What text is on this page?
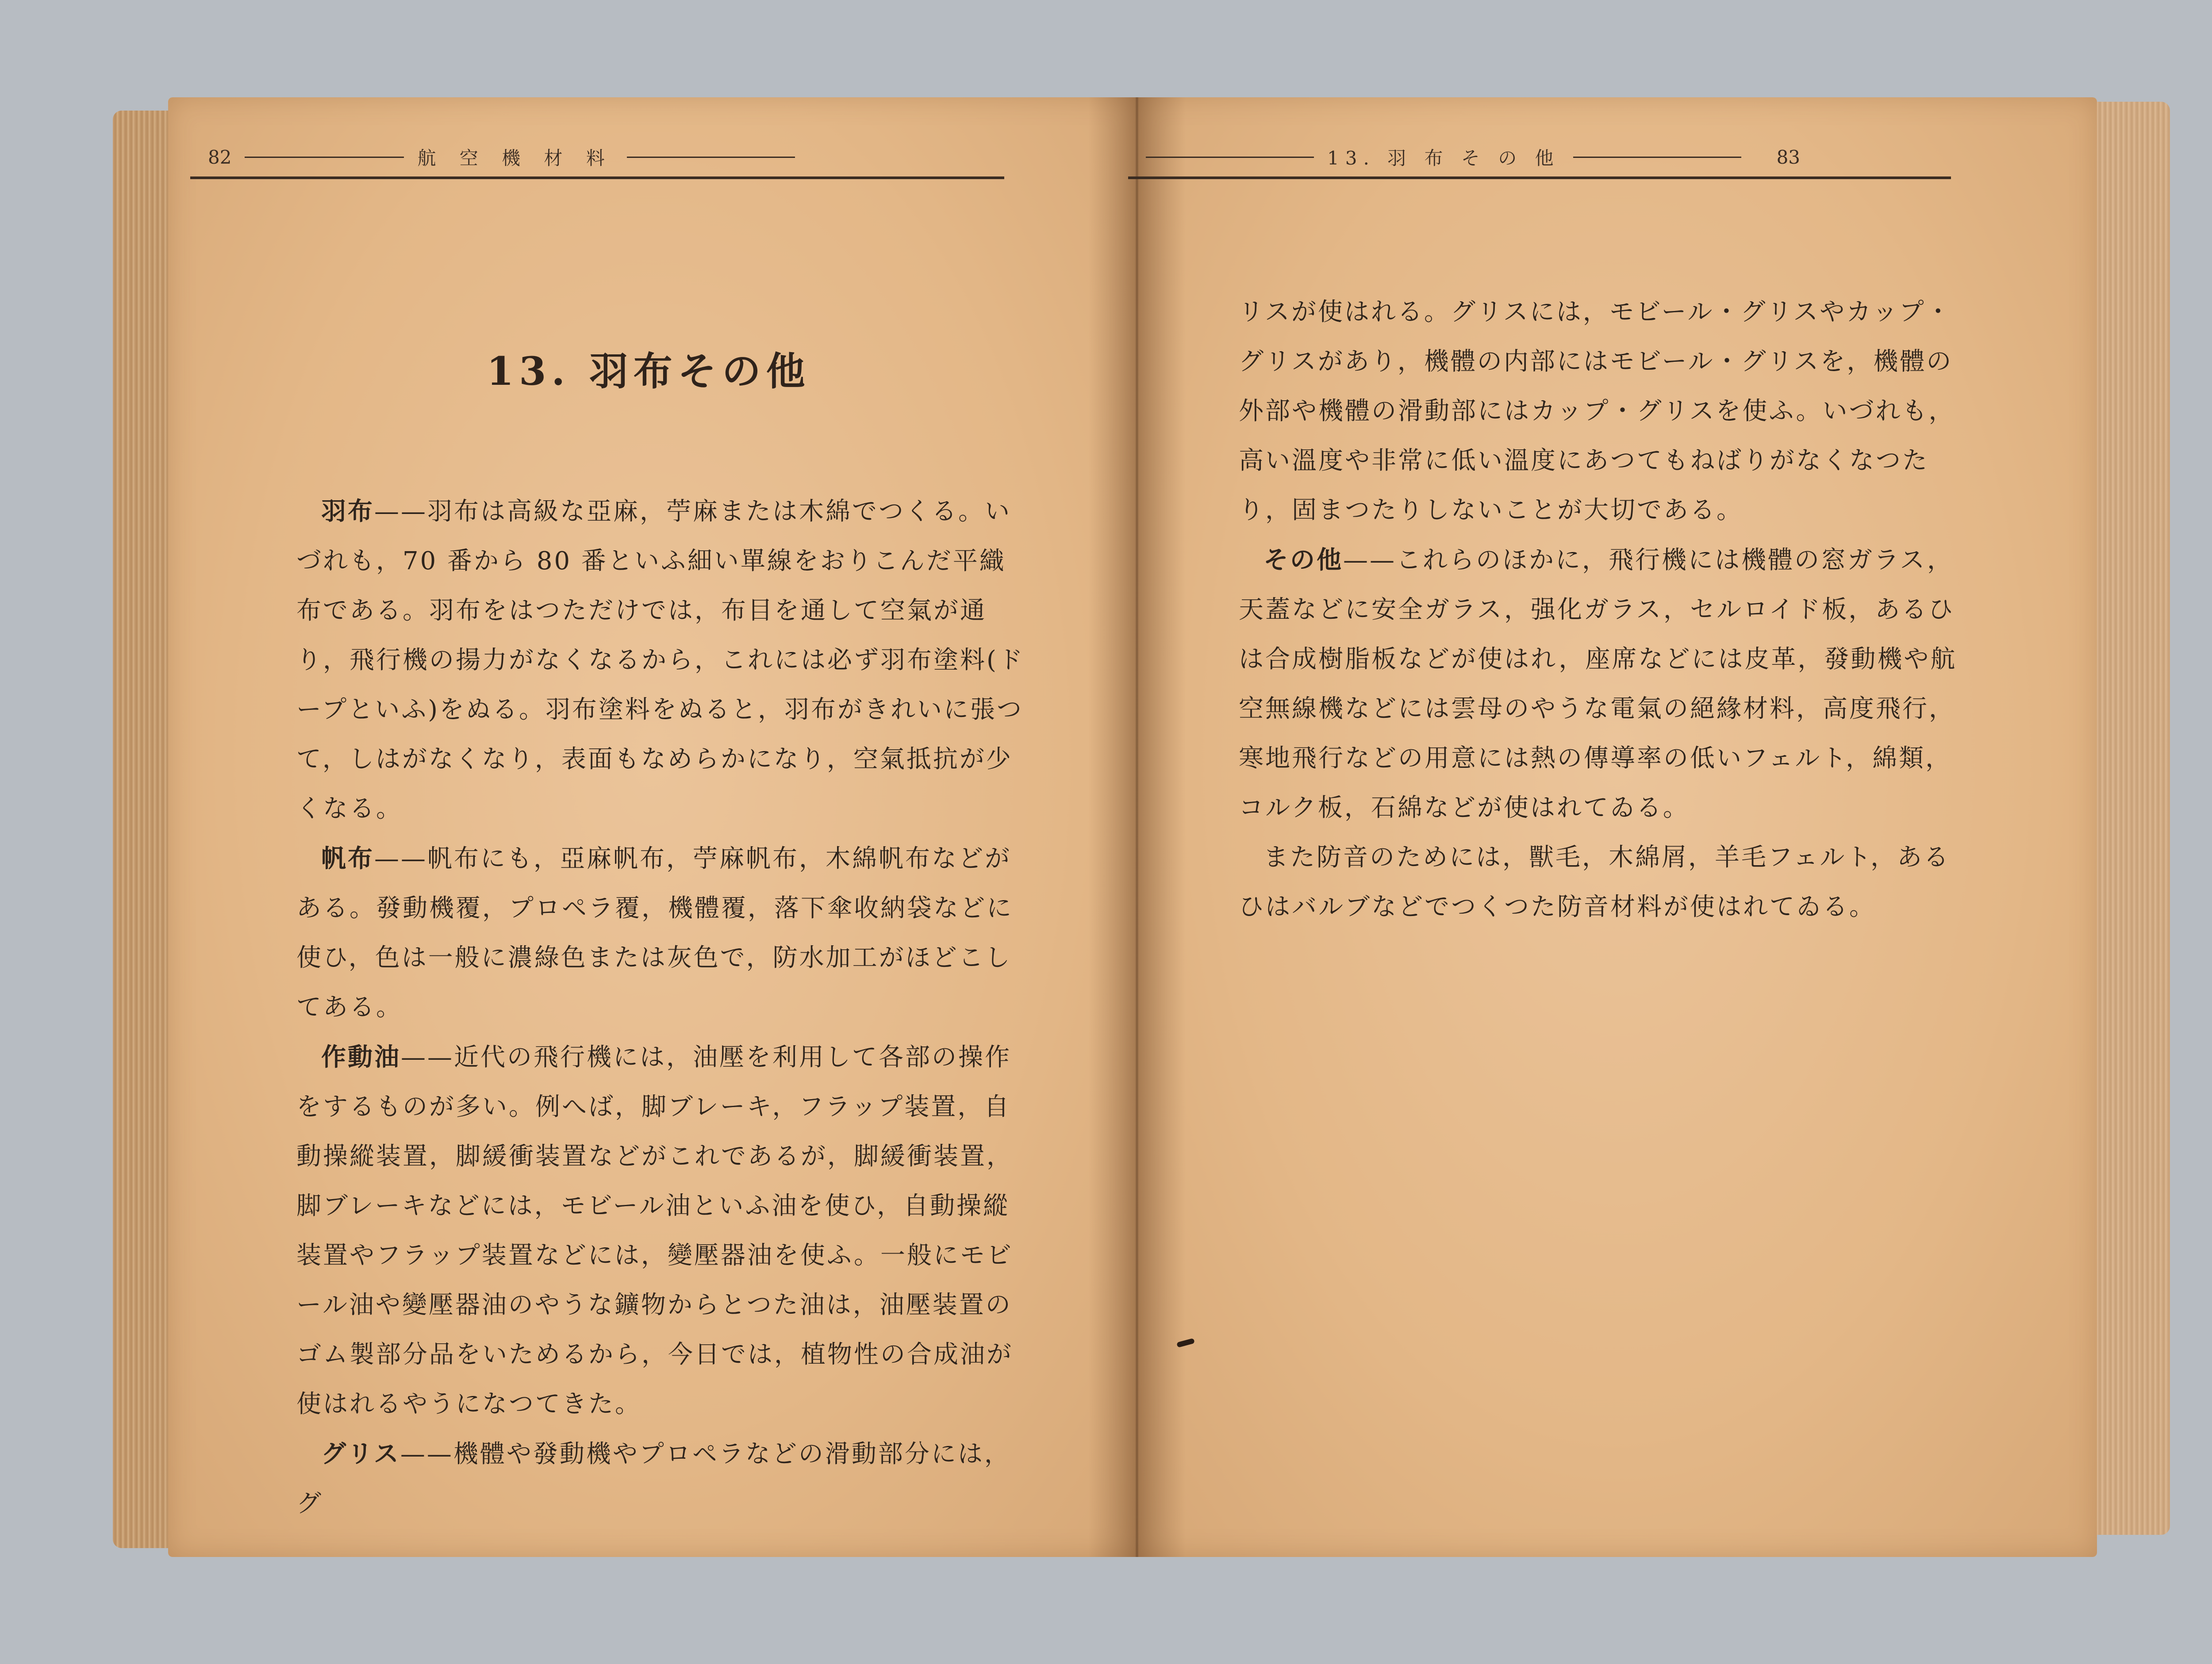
82	航 空 機 材 料	13. 羽 布 そ の 他	83
13. 羽布その他

羽布——羽布は高級な亞麻，苧麻または木綿でつくる。いづれも，70 番から 80 番といふ細い單線をおりこんだ平織布である。羽布をはつただけでは，布目を通して空氣が通り，飛行機の揚力がなくなるから，これには必ず羽布塗料(ドープといふ)をぬる。羽布塗料をぬると，羽布がきれいに張つて，しはがなくなり，表面もなめらかになり，空氣抵抗が少くなる。

帆布——帆布にも，亞麻帆布，苧麻帆布，木綿帆布などがある。發動機覆，プロペラ覆，機體覆，落下傘收納袋などに使ひ，色は一般に濃綠色または灰色で，防水加工がほどこしてある。

作動油——近代の飛行機には，油壓を利用して各部の操作をするものが多い。例へば，脚ブレーキ，フラップ装置，自動操縱装置，脚緩衝装置などがこれであるが，脚緩衝装置，脚ブレーキなどには，モビール油といふ油を使ひ，自動操縱装置やフラップ装置などには，變壓器油を使ふ。一般にモビール油や變壓器油のやうな鑛物からとつた油は，油壓装置のゴム製部分品をいためるから，今日では，植物性の合成油が使はれるやうになつてきた。

グリス——機體や發動機やプロペラなどの滑動部分には，グ

リスが使はれる。グリスには，モビール・グリスやカップ・グリスがあり，機體の内部にはモビール・グリスを，機體の外部や機體の滑動部にはカップ・グリスを使ふ。いづれも，高い溫度や非常に低い溫度にあつてもねばりがなくなつたり，固まつたりしないことが大切である。

その他——これらのほかに，飛行機には機體の窓ガラス，天蓋などに安全ガラス，强化ガラス，セルロイド板，あるひは合成樹脂板などが使はれ，座席などには皮革，發動機や航空無線機などには雲母のやうな電氣の絕緣材料，高度飛行，寒地飛行などの用意には熱の傳導率の低いフェルト，綿類，コルク板，石綿などが使はれてゐる。

また防音のためには，獸毛，木綿屑，羊毛フェルト，あるひはバルブなどでつくつた防音材料が使はれてゐる。
